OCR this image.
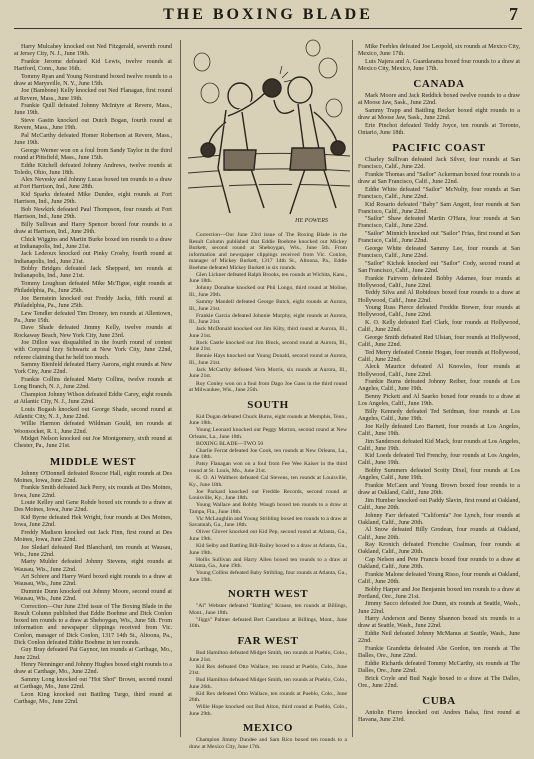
THE BOXING BLADE	7
HE POWERS

Harry Mulcahey knocked out Ned Fitzgerald, seventh round at Jersey City, N. J., June 19th.

Frankie Jerome defeated Kid Lewis, twelve rounds at Hartford, Conn., June 16th.

Tommy Ryan and Young Norstrand boxed twelve rounds to a draw at Marysville, N. Y., June 15th.

Joe (Bambone) Kelly knocked out Ned Flanagan, first round at Revere, Mass., June 19th.

Frankie Quill defeated Johnny McIntyre at Revere, Mass., June 19th.

Steve Gastin knocked out Dutch Bogan, fourth round at Revere, Mass., June 19th.

Pal McCarthy defeated Homer Robertson at Revere, Mass., June 19th.

George Werner won on a foul from Sandy Taylor in the third round at Pittsfield, Mass., June 15th.

Eddie Kitchell defeated Johnny Andrews, twelve rounds at Toledo, Ohio, June 18th.

Alex Nevesky and Johnny Lucas boxed ten rounds to a draw at Fort Harrison, Ind., June 28th.

Kid Sparks defeated Mike Dundee, eight rounds at Fort Harrison, Ind., June 29th.

Bob Newkirk defeated Paul Thompson, four rounds at Fort Harrison, Ind., June 29th.

Billy Sullivan and Harry Spencer boxed four rounds to a draw at Harrison, Ind., June 29th.

Chick Wiggins and Martin Burke boxed ten rounds to a draw at Indianapolis, Ind., June 21st.

Jack Ledeoux knocked out Pinky Crosby, fourth round at Indianapolis, Ind., June 21st.

Bobby Bridges defeated Jack Sheppard, ten rounds at Indianapolis, Ind., June 21st.

Tommy Loughran defeated Mike McTigue, eight rounds at Philadelphia, Pa., June 25th.

Joe Bernstein knocked out Freddy Jacks, fifth round at Philadelphia, Pa., June 25th.

Lew Tendler defeated Tim Droney, ten rounds at Allentown, Pa., June 15th.

Dave Shade defeated Jimmy Kelly, twelve rounds at Rockaway Beach, New York City, June 23rd.

Joe Dillon was disqualified in the fourth round of contest with Corporal Izzy Schwartz at New York City, June 22nd, referee claiming that he held too much.

Sammy Bienfeld defeated Harry Aarons, eight rounds at New York City, June 22nd.

Frankie Collins defeated Marty Collins, twelve rounds at Long Branch, N. J., June 22nd.

Champion Johnny Wilson defeated Eddie Carey, eight rounds at Atlantic City, N. J., June 22nd.

Louis Bogash knocked out George Shade, second round at Atlantic City, N. J., June 22nd.

Willie Harmon defeated Wildman Gould, ten rounds at Woonsocket, R. I., June 22nd.

Midget Nelson knocked out Joe Montgomery, sixth round at Chester, Pa., June 21st.

MIDDLE WEST

Johnny O'Donnell defeated Roscoe Hall, eight rounds at Des Moines, Iowa, June 22nd.

Frankie Smith defeated Jack Perry, six rounds at Des Moines, Iowa, June 22nd.

Louie Kelley and Gene Rohde boxed six rounds to a draw at Des Moines, Iowa, June 22nd.

Kid Byrne defeated Hek Wright, four rounds at Des Moines, Iowa, June 22nd.

Freddy Madison knocked out Jack Finn, first round at Des Moines, Iowa, June 22nd.

Joe Sledarf defeated Red Blanchard, ten rounds at Wausau, Wis., June 22nd.

Marty Mulder defeated Johnny Stevens, eight rounds at Wausau, Wis., June 22nd.

Art Schiere and Harry Ward boxed eight rounds to a draw at Wausau, Wis., June 22nd.

Dummie Dunn knocked out Johnny Moore, second round at Wausau, Wis., June 22nd.

Correction—Our June 23rd issue of The Boxing Blade in the Result Column published that Eddie Boehme and Dick Conlon boxed ten rounds to a draw at Sheboygan, Wis., June 5th. From information and newspaper clippings received from Vic. Conlon, manager of Dick Conlon, 1317 14th St., Altoona, Pa., Dick Conlon defeated Eddie Boehme in ten rounds.

Guy Bray defeated Pat Gaynor, ten rounds at Carthage, Mo., June 22nd.

Henry Nenninger and Johnny Hughes boxed eight rounds to a draw at Carthage, Mo., June 22nd.

Sammy Long knocked out "Hot Shot" Brown, second round at Carthage, Mo., June 22nd.

Leon King knocked out Battling Turgo, third round at Carthage, Mo., June 22nd.

Correction—Our June 23rd issue of The Boxing Blade in the Result Column published that Eddie Boehme knocked out Mickey Burkett, second round at Sheboygan, Wis., June 5th. From information and newspaper clippings received from Vic. Conlon, manager of Mickey Burkett, 1317 14th St., Altoona, Pa., Eddie Boehme defeated Mickey Burkett in six rounds.

Glen Lickner defeated Ralph Brooks, ten rounds at Wichita, Kans., June 18th.

Johnny Donahue knocked out Phil Longo, third round at Moline, Ill., June 29th.

Sammy Mandell defeated George Butch, eight rounds at Aurora, Ill., June 21st.

Frankie Garcia defeated Johnnie Murphy, eight rounds at Aurora, Ill., June 21st.

Jack McDonald knocked out Jim Kilty, third round at Aurora, Ill., June 21st.

Rock Castle knocked out Jim Binck, second round at Aurora, Ill., June 21st.

Bennie Hays knocked out Young Donald, second round at Aurora, Ill., June 21st.

Jack McCarthy defeated Vern Morris, six rounds at Aurora, Ill., June 21st.

Roy Conley won on a foul from Dago Joe Gans in the third round at Milwaukee, Wis., June 25th.

SOUTH

Kid Dugan defeated Chuck Burns, eight rounds at Memphis, Tenn., June 18th.

Young Leonard knocked out Peggy Morton, second round at New Orleans, La., June 18th.

BOXING BLADE—TWO 50

Charlie Ferrat defeated Joe Cook, ten rounds at New Orleans, La., June 18th.

Patsy Flanagan won on a foul from Fee Wee Kaiser in the third round at St. Louis, Mo., June 21st.

K. O. Al Walthers defeated Cal Stevens, ten rounds at Louisville, Ky., June 18th.

Joe Packard knocked out Freddie Records, second round at Louisville, Ky., June 18th.

Young Wallace and Bobby Waugh boxed ten rounds to a draw at Tampa, Fla., June 18th.

Vic McLaughlin and Young Stribling boxed ten rounds to a draw at Savannah, Ga., June 18th.

Oliver Glover knocked out Kid Pep, second round at Atlanta, Ga., June 19th.

Kid Selby and Battling Bill-Bailey boxed to a draw at Atlanta, Ga., June 19th.

Hollis Sullivan and Harry Allen boxed ten rounds to a draw at Atlanta, Ga., June 19th.

Young Collins defeated Baby Stribling, four rounds at Atlanta, Ga., June 19th.

NORTH WEST

"Al" Webster defeated "Battling" Krause, ten rounds at Billings, Mont., June 18th.

"Jiggs" Palmer defeated Bert Castellano at Billings, Mont., June 16th.

FAR WEST

Bud Hamilton defeated Midget Smith, ten rounds at Pueblo, Colo., June 21st.

Kid Rex defeated Otto Wallace, ten round at Pueblo, Colo., June 21st.

Bud Hamilton defeated Midget Smith, ten rounds at Pueblo, Colo., June 26th.

Kid Rex defeated Otto Wallace, ten rounds at Pueblo, Colo., June 26th.

Willie Hope knocked out Bud Alton, third round at Pueblo, Colo., June 29th.

MEXICO

Champion Jimmy Dundee and Sam Rico boxed ten rounds to a draw at Mexico City, June 17th.

Mike Feebles defeated Joe Leopold, six rounds at Mexico City, Mexico, June 17th.

Luis Najera and A. Guardarama boxed four rounds to a draw at Mexico City, Mexico, June 17th.

CANADA

Mark Moore and Jack Reddick boxed twelve rounds to a draw at Moose Jaw, Sask., June 22nd.

Sammy Trapp and Battling Becker boxed eight rounds to a draw at Moose Jaw, Sask., June 22nd.

Erie Pinchot defeated Teddy Joyce, ten rounds at Toronto, Ontario, June 18th.

PACIFIC COAST

Charley Sullivan defeated Jack Silver, four rounds at San Francisco, Calif., June 22d.

Frankie Thomas and "Sailor" Ackerman boxed four rounds to a draw at San Francisco, Calif., June 22nd.

Eddie White defeated "Sailor" McNulty, four rounds at San Francisco, Calif., June 22nd.

Kid Rosario defeated "Baby" Sam Angott, four rounds at San Francisco, Calif., June 22nd.

"Sailor" Shaw defeated Martin O'Hara, four rounds at San Francisco, Calif., June 22nd.

"Sailor" Minnich knocked out "Sailor" Frias, first round at San Francisco, Calif., June 22nd.

George White defeated Sammy Lee, four rounds at San Francisco, Calif., June 22nd.

"Sailor" Kichok knocked out "Sailor" Cody, second round at San Francisco, Calif., June 22nd.

Frankie Fairvom defeated Bobby Adamee, four rounds at Hollywood, Calif., June 22nd.

Teddy Silva and Al Robidoux boxed four rounds to a draw at Hollywood, Calif., June 22nd.

Young Russ Pierce defeated Freddie Brewer, four rounds at Hollywood, Calif., June 22nd.

K. O. Kelly defeated Earl Clark, four rounds at Hollywood, Calif., June 22nd.

George Smith defeated Red Ulsian, four rounds at Hollywood, Calif., June 22nd.

Ted Merry defeated Connie Hogan, four rounds at Hollywood, Calif., June 22nd.

Aleck Maurice defeated Al Knowles, four rounds at Hollywood, Calif., June 22nd.

Frankie Burns defeated Johnny Reiber, four rounds at Los Angeles, Calif., June 19th.

Benny Pickett and Al Saarko boxed four rounds to a draw at Los Angeles, Calif., June 19th.

Billy Kennedy defeated Ted Seidman, four rounds at Los Angeles, Calif., June 19th.

Joe Kelly defeated Leo Barnett, four rounds at Los Angeles, Calif., June 19th.

Jim Sanderson defeated Kid Mack, four rounds at Los Angeles, Calif., June 19th.

Kid Loeds defeated Ted Frenchy, four rounds at Los Angeles, Calif., June 19th.

Bobby Summers defeated Scotty Dixel, four rounds at Los Angeles, Calif., June 19th.

Frankie McCann and Young Brown boxed four rounds to a draw at Oakland, Calif., June 20th.

Jim Humber knocked out Paddy Slavin, first round at Oakland, Calif., June 20th.

Johnny Farr defeated "California" Joe Lynch, four rounds at Oakland, Calif., June 20th.

Al Snow defeated Billy Grodean, four rounds at Oakland, Calif., June 20th.

Ray Kronich defeated Frenchie Coalman, four rounds at Oakland, Calif., June 20th.

Cap Nelson and Pete Francis boxed four rounds to a draw at Oakland, Calif., June 20th.

Frankie Malone defeated Young Risso, four rounds at Oakland, Calif., June 20th.

Bobby Harper and Joe Benjamin boxed ten rounds to a draw at Portland, Ore., June 21st.

Jimmy Sacco defeated Joe Dunn, six rounds at Seattle, Wash., June 22nd.

Harry Anderson and Benny Shannon boxed six rounds to a draw at Seattle, Wash., June 22nd.

Eddie Neil defeated Johnny McManus at Seattle, Wash., June 22nd.

Frankie Grandetta defeated Abe Gordon, ten rounds at The Dalles, Ore., June 22nd.

Eddie Richards defeated Tommy McCarthy, six rounds at The Dalles, Ore., June 22nd.

Brick Coyle and Bud Nagle boxed to a draw at The Dalles, Ore., June 22nd.

CUBA

Antolin Fierro knocked out Andres Balsa, first round at Havana, June 23rd.
